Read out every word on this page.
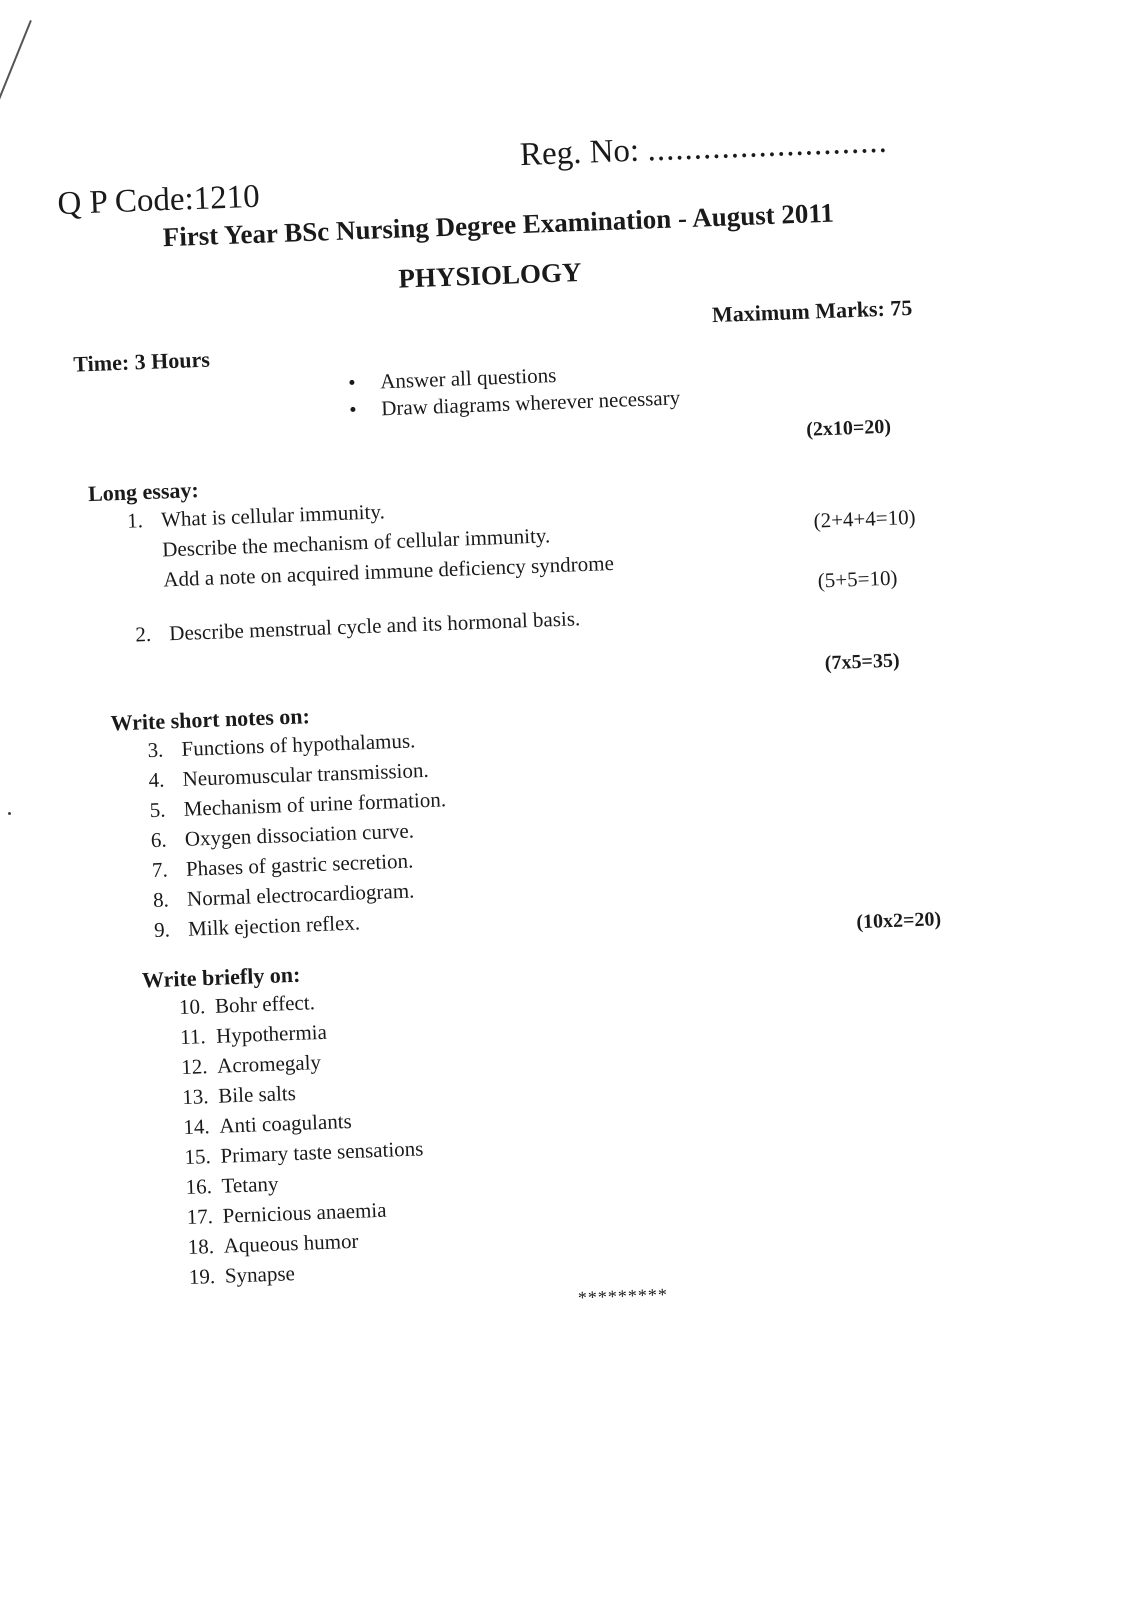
Q P Code:1210
Reg. No: ..........................
First Year BSc Nursing Degree Examination - August 2011
PHYSIOLOGY
Maximum Marks: 75
Time: 3 Hours
• Answer all questions
• Draw diagrams wherever necessary
(2x10=20)
Long essay:
1. What is cellular immunity.
Describe the mechanism of cellular immunity.
Add a note on acquired immune deficiency syndrome
(2+4+4=10)
(5+5=10)
2. Describe menstrual cycle and its hormonal basis.
(7x5=35)
Write short notes on:
3. Functions of hypothalamus.
4. Neuromuscular transmission.
5. Mechanism of urine formation.
6. Oxygen dissociation curve.
7. Phases of gastric secretion.
8. Normal electrocardiogram.
9. Milk ejection reflex.	(10x2=20)
Write briefly on:
10. Bohr effect.
11. Hypothermia
12. Acromegaly
13. Bile salts
14. Anti coagulants
15. Primary taste sensations
16. Tetany
17. Pernicious anaemia
18. Aqueous humor
19. Synapse
*********
